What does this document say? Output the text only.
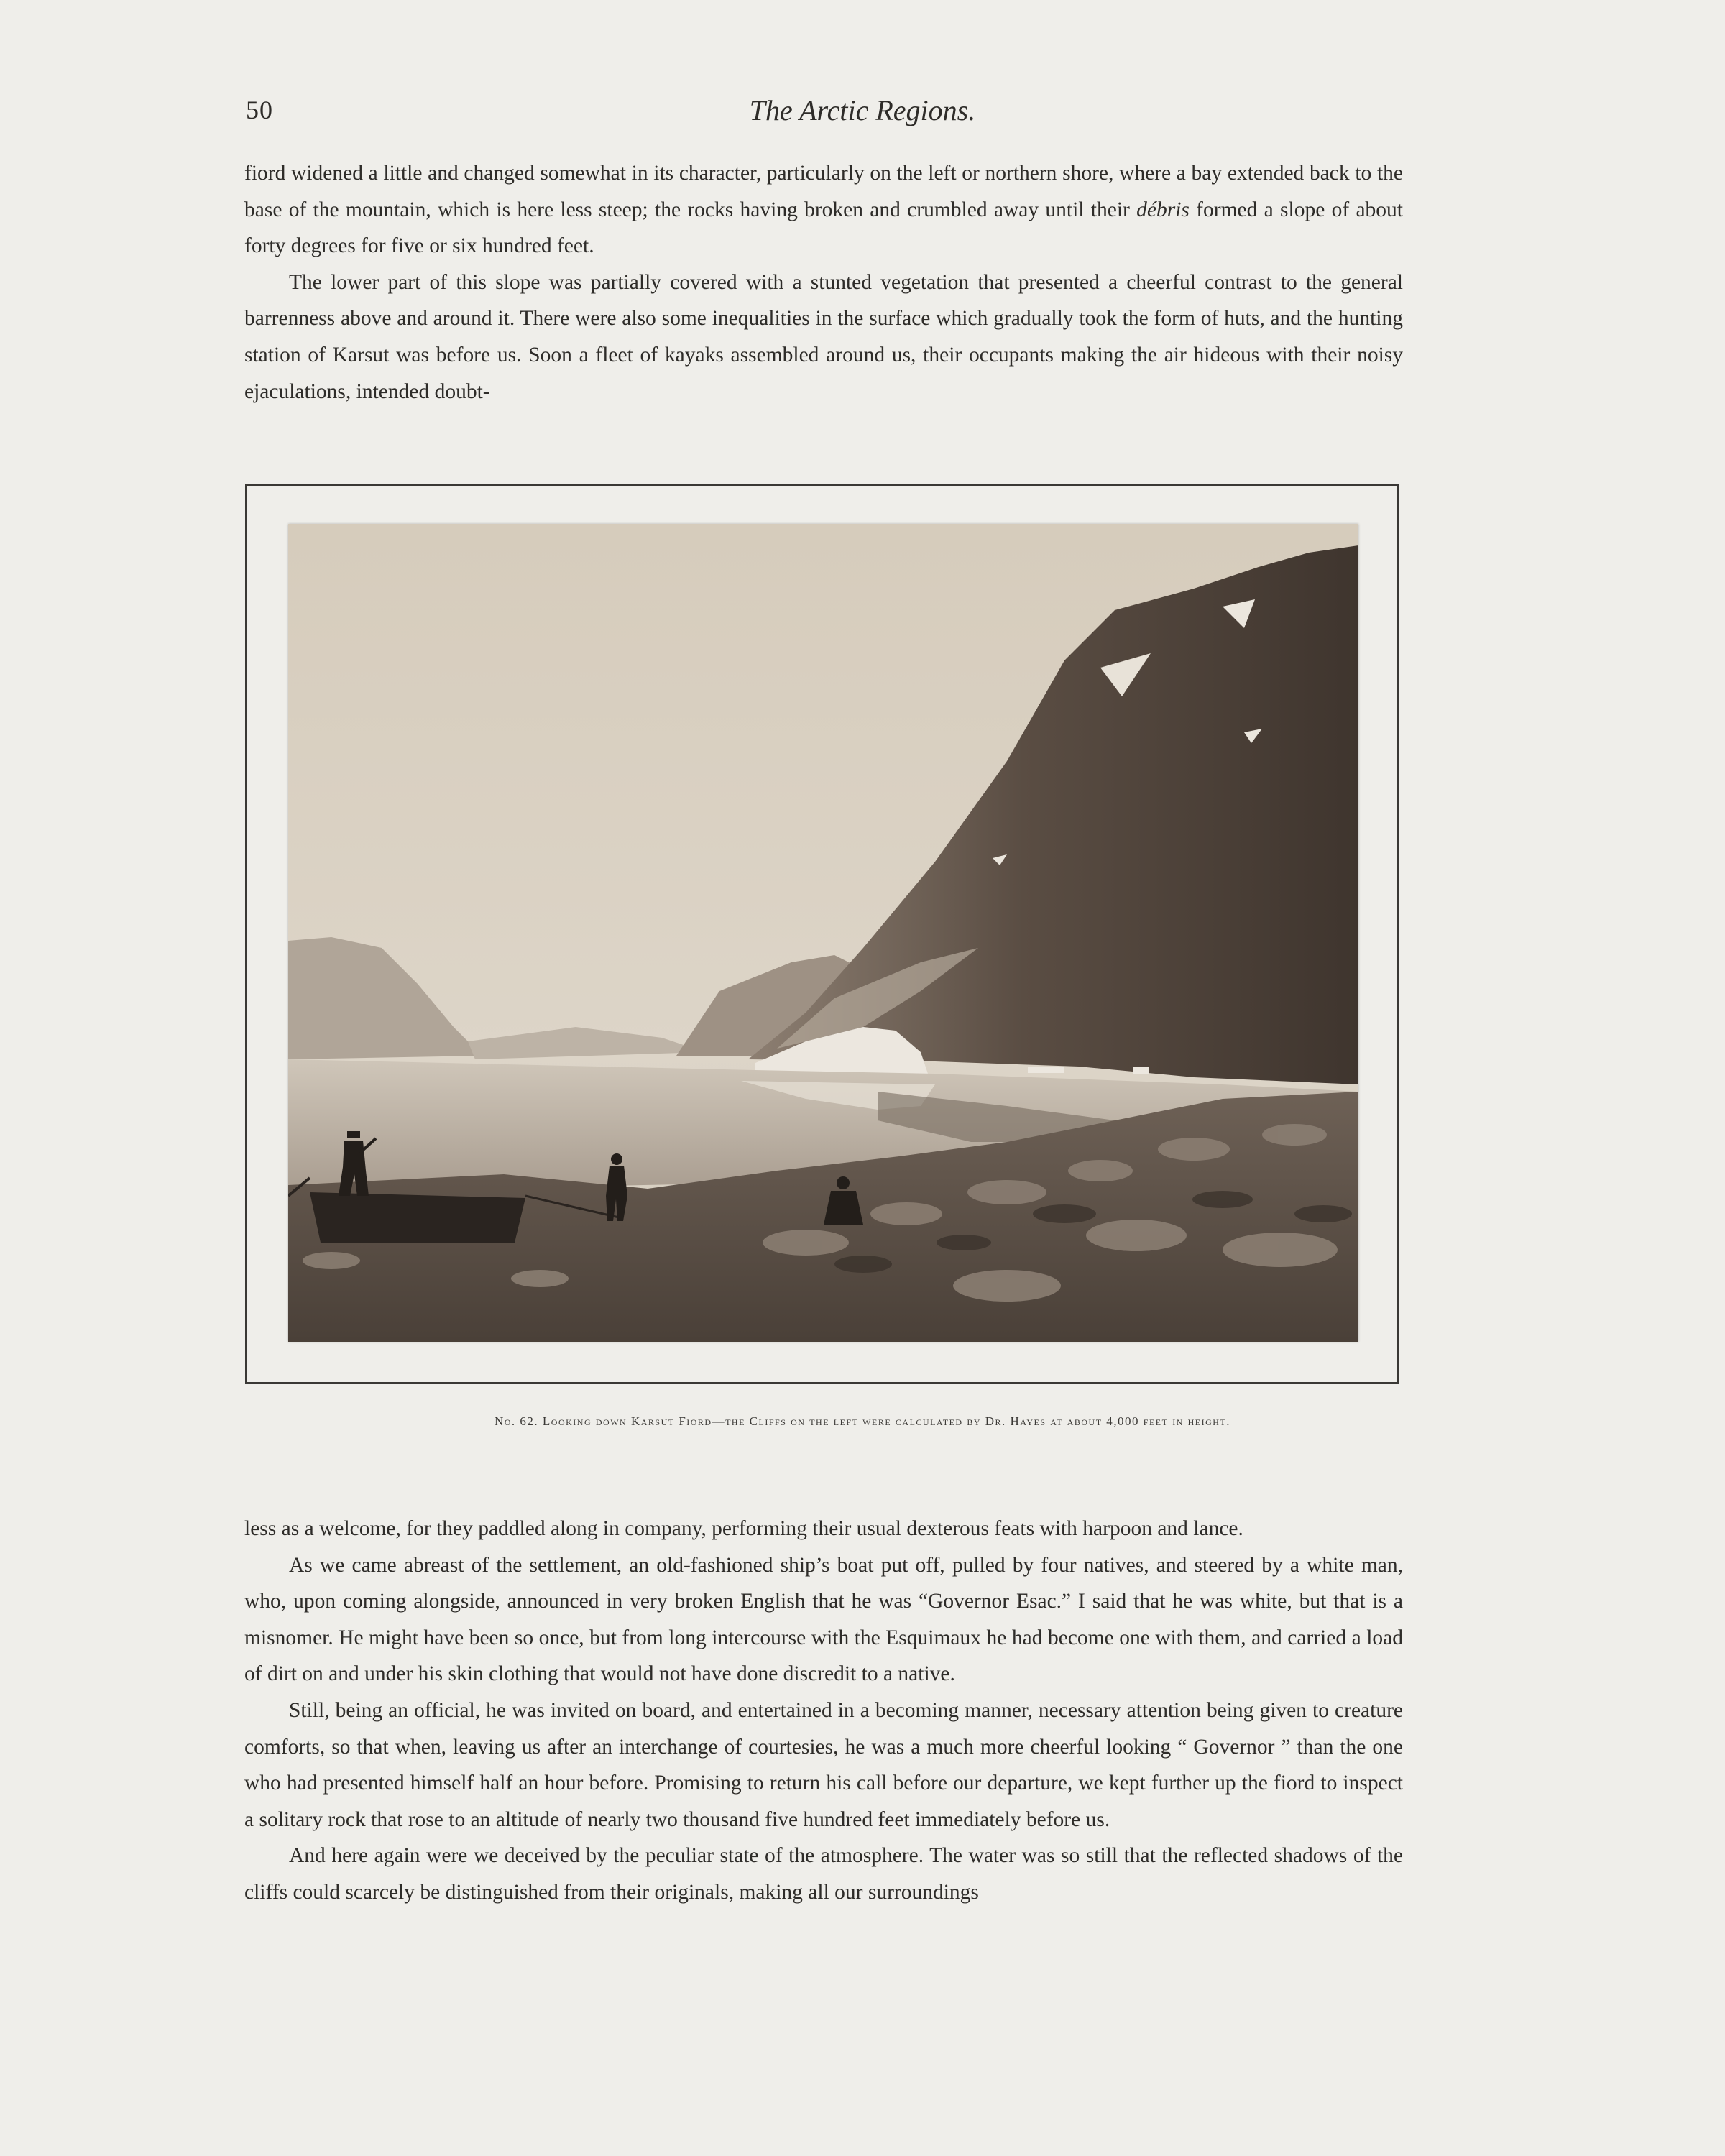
50	The Arctic Regions.

fiord widened a little and changed somewhat in its character, particularly on the left or northern shore, where a bay extended back to the base of the mountain, which is here less steep; the rocks having broken and crumbled away until their débris formed a slope of about forty degrees for five or six hundred feet.

The lower part of this slope was partially covered with a stunted vegetation that presented a cheerful contrast to the general barrenness above and around it. There were also some inequalities in the surface which gradually took the form of huts, and the hunting station of Karsut was before us. Soon a fleet of kayaks assembled around us, their occupants making the air hideous with their noisy ejaculations, intended doubt-

No. 62. Looking down Karsut Fiord—the Cliffs on the left were calculated by Dr. Hayes at about 4,000 feet in height.

less as a welcome, for they paddled along in company, performing their usual dexterous feats with harpoon and lance.

As we came abreast of the settlement, an old-fashioned ship’s boat put off, pulled by four natives, and steered by a white man, who, upon coming alongside, announced in very broken English that he was “Governor Esac.” I said that he was white, but that is a misnomer. He might have been so once, but from long intercourse with the Esquimaux he had become one with them, and carried a load of dirt on and under his skin clothing that would not have done discredit to a native.

Still, being an official, he was invited on board, and entertained in a becoming manner, necessary attention being given to creature comforts, so that when, leaving us after an interchange of courtesies, he was a much more cheerful looking “ Governor ” than the one who had presented himself half an hour before. Promising to return his call before our departure, we kept further up the fiord to inspect a solitary rock that rose to an altitude of nearly two thousand five hundred feet immediately before us.

And here again were we deceived by the peculiar state of the atmosphere. The water was so still that the reflected shadows of the cliffs could scarcely be distinguished from their originals, making all our surroundings
